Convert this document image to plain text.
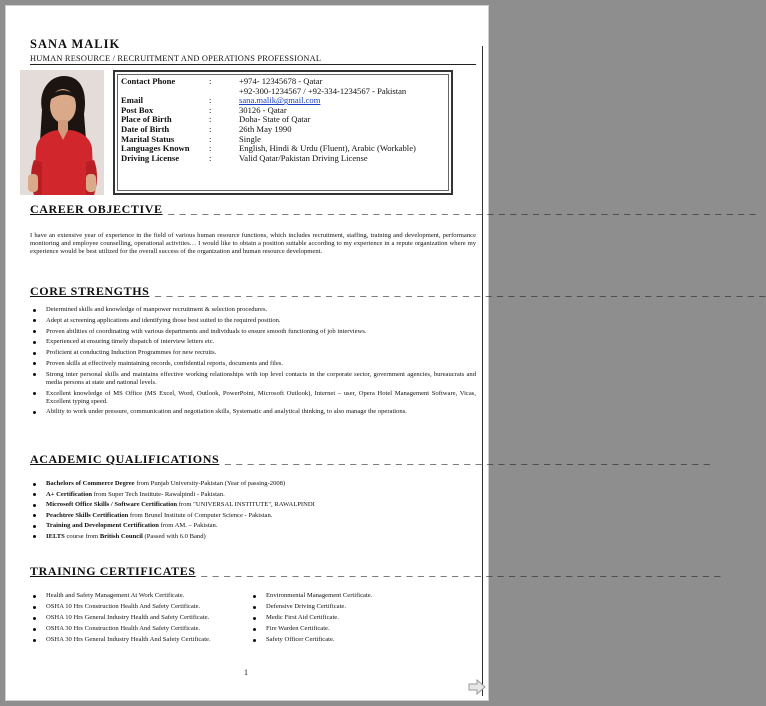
SANA MALIK
HUMAN RESOURCE / RECRUITMENT AND OPERATIONS PROFESSIONAL
Contact Phone	:	+974- 12345678 - Qatar
+92-300-1234567 / +92-334-1234567 - Pakistan
Email	:	sana.malik@gmail.com
Post Box	:	30126 - Qatar
Place of Birth	:	Doha- State of Qatar
Date of Birth	:	26th May 1990
Marital Status	:	Single
Languages Known	:	English, Hindi & Urdu (Fluent), Arabic (Workable)
Driving License	:	Valid Qatar/Pakistan Driving License
CAREER OBJECTIVE _ _ _ _ _ _ _ _ _ _ _ _ _ _ _ _ _ _ _ _ _ _ _ _ _ _ _ _ _ _ _ _ _ _ _ _ _ _ _ _ _ _ _ _ _ _ _ _ _ _ _ _
I have an extensive year of experience in the field of various human resource functions, which includes recruitment, staffing, training and development, performance monitoring and employee counselling, operational activities… I would like to obtain a position suitable according to my experience in a repute organization where my experience would be best utilized for the overall success of the organization and human resource development.
CORE STRENGTHS _ _ _ _ _ _ _ _ _ _ _ _ _ _ _ _ _ _ _ _ _ _ _ _ _ _ _ _ _ _ _ _ _ _ _ _ _ _ _ _ _ _ _ _ _ _ _ _ _ _ _ _ _ _
Determined skills and knowledge of manpower recruitment & selection procedures.
Adept at screening applications and identifying those best suited to the required position.
Proven abilities of coordinating with various departments and individuals to ensure smooth functioning of job interviews.
Experienced at ensuring timely dispatch of interview letters etc.
Proficient at conducting Induction Programmes for new recruits.
Proven skills at effectively maintaining records, confidential reports, documents and files.
Strong inter personal skills and maintains effective working relationships with top level contacts in the corporate sector, government agencies, bureaucrats and media persons at state and national levels.
Excellent knowledge of MS Office (MS Excel, Word, Outlook, PowerPoint, Microsoft Outlook), Internet – user, Opera Hotel Management Software, Vicas, Excellent typing speed.
Ability to work under pressure, communication and negotiation skills, Systematic and analytical thinking, to also manage the operations.
ACADEMIC QUALIFICATIONS _ _ _ _ _ _ _ _ _ _ _ _ _ _ _ _ _ _ _ _ _ _ _ _ _ _ _ _ _ _ _ _ _ _ _ _ _ _ _ _ _ _ _
Bachelors of Commerce Degree from Punjab University-Pakistan (Year of passing-2008)
A+ Certification from Super Tech Institute- Rawalpindi - Pakistan.
Microsoft Office Skills / Software Certification from "UNIVERSAL INSTITUTE", RAWALPINDI
Peachtree Skills Certification from Brunel Institute of Computer Science - Pakistan.
Training and Development Certification from AM. – Pakistan.
IELTS course from British Council (Passed with 6.0 Band)
TRAINING CERTIFICATES _ _ _ _ _ _ _ _ _ _ _ _ _ _ _ _ _ _ _ _ _ _ _ _ _ _ _ _ _ _ _ _ _ _ _ _ _ _ _ _ _ _ _ _ _ _
Health and Safety Management At Work Certificate.
OSHA 10 Hrs Construction Health And Safety Certificate.
OSHA 10 Hrs General Industry Health and Safety Certificate.
OSHA 30 Hrs Construction Health And Safety Certificate.
OSHA 30 Hrs General Industry Health And Safety Certificate.
Environmental Management Certificate.
Defensive Driving Certificate.
Medic First Aid Certificate.
Fire Warden Certificate.
Safety Officer Certificate.
1
